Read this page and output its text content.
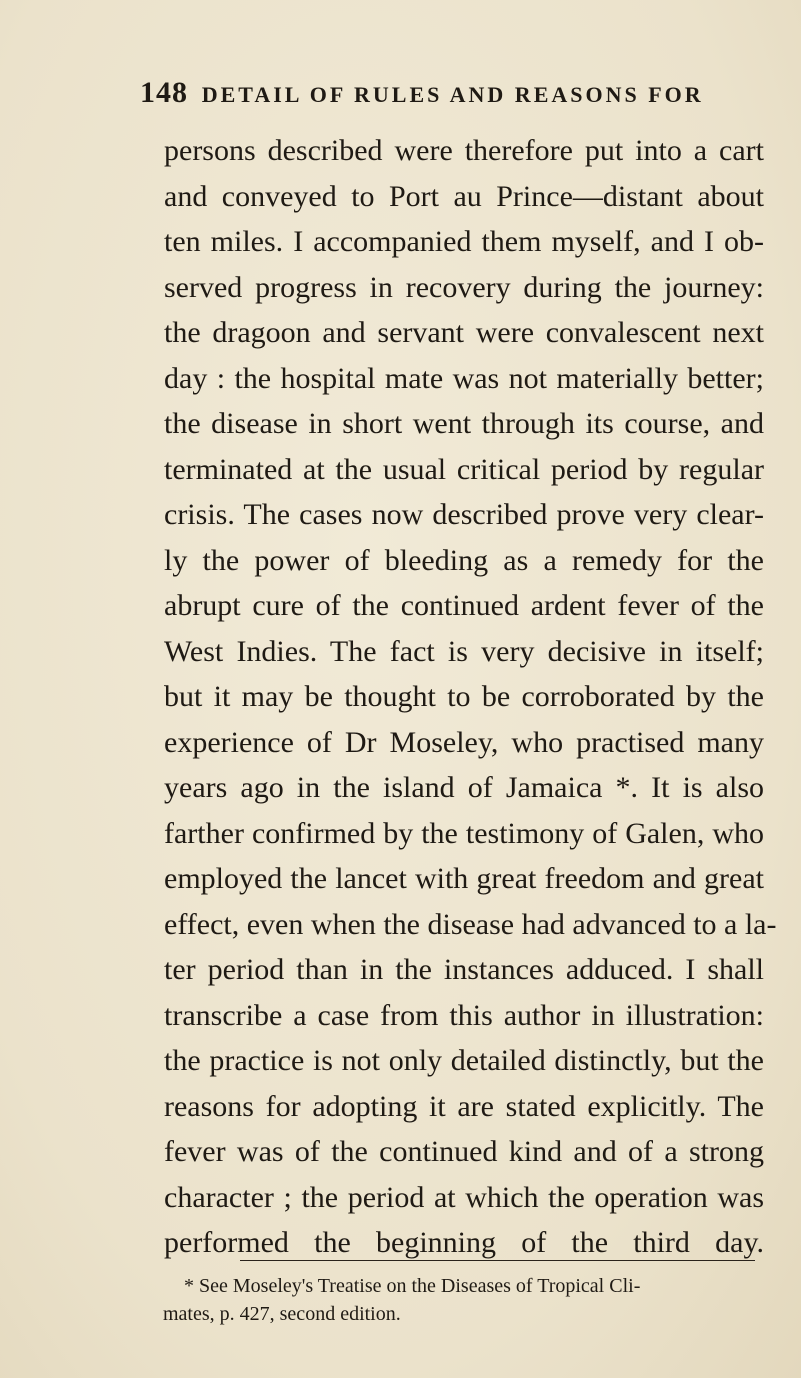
148 DETAIL OF RULES AND REASONS FOR
persons described were therefore put into a cart
and conveyed to Port au Prince—distant about
ten miles. I accompanied them myself, and I ob-
served progress in recovery during the journey:
the dragoon and servant were convalescent next
day : the hospital mate was not materially better;
the disease in short went through its course, and
terminated at the usual critical period by regular
crisis. The cases now described prove very clear-
ly the power of bleeding as a remedy for the
abrupt cure of the continued ardent fever of the
West Indies. The fact is very decisive in itself;
but it may be thought to be corroborated by the
experience of Dr Moseley, who practised many
years ago in the island of Jamaica *. It is also
farther confirmed by the testimony of Galen, who
employed the lancet with great freedom and great
effect, even when the disease had advanced to a la-
ter period than in the instances adduced. I shall
transcribe a case from this author in illustration:
the practice is not only detailed distinctly, but the
reasons for adopting it are stated explicitly. The
fever was of the continued kind and of a strong
character ; the period at which the operation was
performed the beginning of the third day.
* See Moseley's Treatise on the Diseases of Tropical Cli-
mates, p. 427, second edition.
